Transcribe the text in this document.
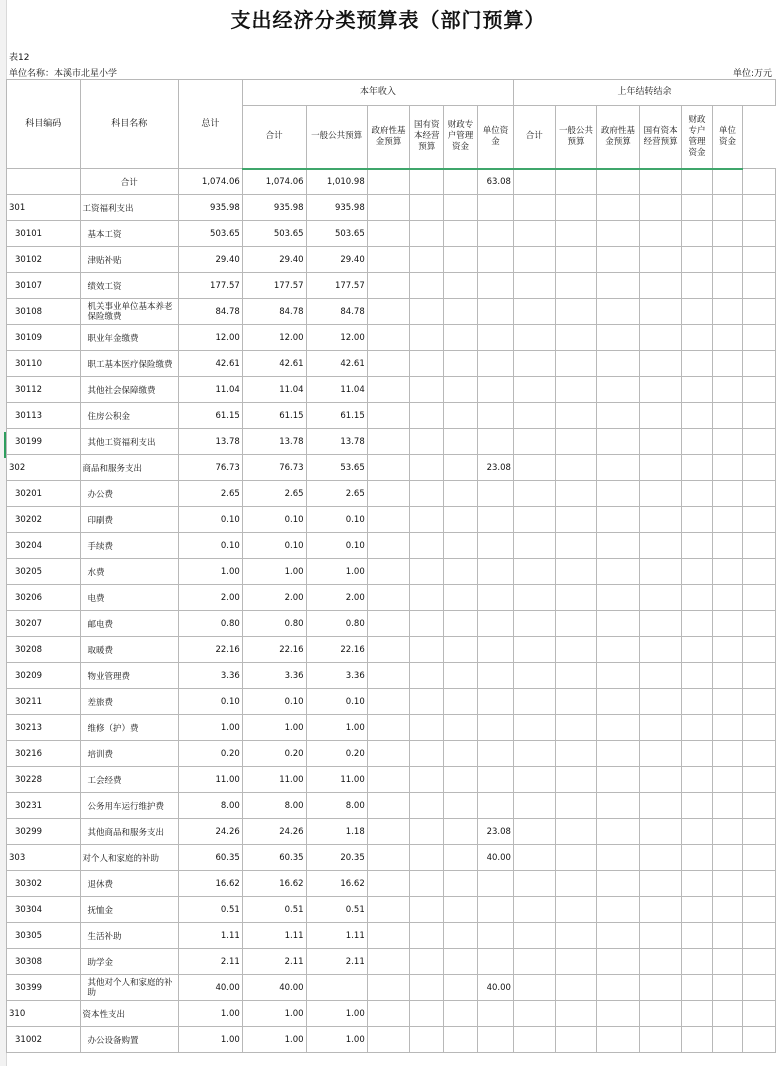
支出经济分类预算表（部门预算）
表12
单位名称：本溪市北星小学	单位:万元
科目编码	科目名称	总计	本年收入						上年结转结余						
			合计	一般公共预算	政府性基金预算	国有资本经营预算	财政专户管理资金	单位资金	合计	一般公共预算	政府性基金预算	国有资本经营预算	财政专户管理资金	单位资金	
	合计	1,074.06	1,074.06	1,010.98				63.08							
301	工资福利支出	935.98	935.98	935.98											
30101	基本工资	503.65	503.65	503.65											
30102	津贴补贴	29.40	29.40	29.40											
30107	绩效工资	177.57	177.57	177.57											
30108	机关事业单位基本养老保险缴费	84.78	84.78	84.78											
30109	职业年金缴费	12.00	12.00	12.00											
30110	职工基本医疗保险缴费	42.61	42.61	42.61											
30112	其他社会保障缴费	11.04	11.04	11.04											
30113	住房公积金	61.15	61.15	61.15											
30199	其他工资福利支出	13.78	13.78	13.78											
302	商品和服务支出	76.73	76.73	53.65				23.08							
30201	办公费	2.65	2.65	2.65											
30202	印刷费	0.10	0.10	0.10											
30204	手续费	0.10	0.10	0.10											
30205	水费	1.00	1.00	1.00											
30206	电费	2.00	2.00	2.00											
30207	邮电费	0.80	0.80	0.80											
30208	取暖费	22.16	22.16	22.16											
30209	物业管理费	3.36	3.36	3.36											
30211	差旅费	0.10	0.10	0.10											
30213	维修（护）费	1.00	1.00	1.00											
30216	培训费	0.20	0.20	0.20											
30228	工会经费	11.00	11.00	11.00											
30231	公务用车运行维护费	8.00	8.00	8.00											
30299	其他商品和服务支出	24.26	24.26	1.18				23.08							
303	对个人和家庭的补助	60.35	60.35	20.35				40.00							
30302	退休费	16.62	16.62	16.62											
30304	抚恤金	0.51	0.51	0.51											
30305	生活补助	1.11	1.11	1.11											
30308	助学金	2.11	2.11	2.11											
30399	其他对个人和家庭的补助	40.00	40.00					40.00							
310	资本性支出	1.00	1.00	1.00											
31002	办公设备购置	1.00	1.00	1.00											
